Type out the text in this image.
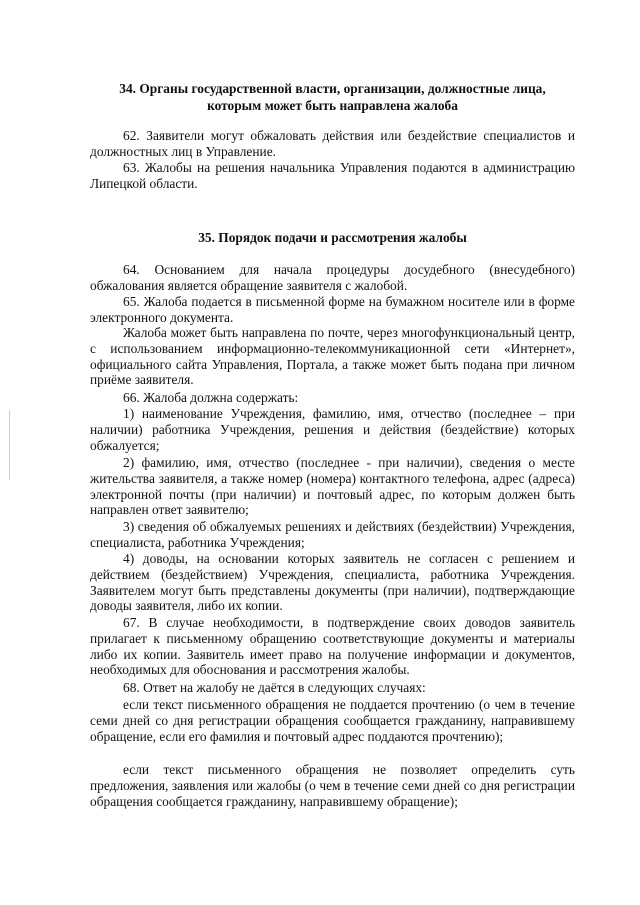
34. Органы государственной власти, организации, должностные лица,
которым может быть направлена жалоба
62. Заявители могут обжаловать действия или бездействие специалистов и должностных лиц в Управление.
63. Жалобы на решения начальника Управления подаются в администрацию Липецкой области.
35. Порядок подачи и рассмотрения жалобы
64. Основанием для начала процедуры досудебного (внесудебного) обжалования является обращение заявителя с жалобой.
65. Жалоба подается в письменной форме на бумажном носителе или в форме электронного документа.
Жалоба может быть направлена по почте, через многофункциональный центр, с использованием информационно-телекоммуникационной сети «Интернет», официального сайта Управления, Портала, а также может быть подана при личном приёме заявителя.
66. Жалоба должна содержать:
1) наименование Учреждения, фамилию, имя, отчество (последнее – при наличии) работника Учреждения, решения и действия (бездействие) которых обжалуется;
2) фамилию, имя, отчество (последнее - при наличии), сведения о месте жительства заявителя, а также номер (номера) контактного телефона, адрес (адреса) электронной почты (при наличии) и почтовый адрес, по которым должен быть направлен ответ заявителю;
3) сведения об обжалуемых решениях и действиях (бездействии) Учреждения, специалиста, работника Учреждения;
4) доводы, на основании которых заявитель не согласен с решением и действием (бездействием) Учреждения, специалиста, работника Учреждения. Заявителем могут быть представлены документы (при наличии), подтверждающие доводы заявителя, либо их копии.
67. В случае необходимости, в подтверждение своих доводов заявитель прилагает к письменному обращению соответствующие документы и материалы либо их копии. Заявитель имеет право на получение информации и документов, необходимых для обоснования и рассмотрения жалобы.
68. Ответ на жалобу не даётся в следующих случаях:
если текст письменного обращения не поддается прочтению (о чем в течение семи дней со дня регистрации обращения сообщается гражданину, направившему обращение, если его фамилия и почтовый адрес поддаются прочтению);
если текст письменного обращения не позволяет определить суть предложения, заявления или жалобы (о чем в течение семи дней со дня регистрации обращения сообщается гражданину, направившему обращение);
